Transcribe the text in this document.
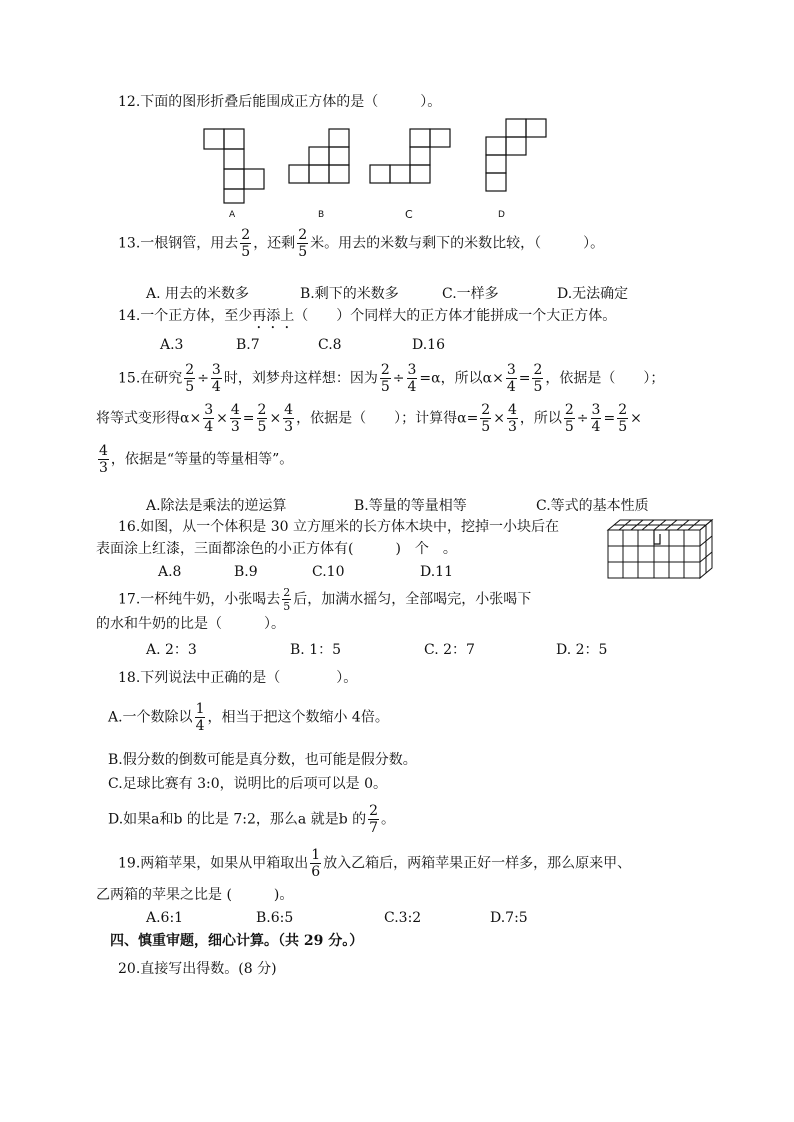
12.下面的图形折叠后能围成正方体的是（　　　）。
A	B	C	D
13.一根钢管，用去 $\frac{2}{5}$ ，还剩 $\frac{2}{5}$ 米。用去的米数与剩下的米数比较，（　　　）。
A. 用去的米数多	B.剩下的米数多	C.一样多	D.无法确定
14.一个正方体，至少再添上（　　）个同样大的正方体才能拼成一个大正方体。
A.3	B.7	C.8	D.16
15.在研究 $\frac{2}{5} \div \frac{3}{4}$ 时，刘梦舟这样想：因为 $\frac{2}{5} \div \frac{3}{4} =\alpha$，所以$\alpha\times \frac{3}{4} = \frac{2}{5}$ ，依据是（　　）；
将等式变形得$\alpha\times \frac{3}{4} \times \frac{4}{3} = \frac{2}{5} \times \frac{4}{3}$ ，依据是（　　）；计算得$\alpha= \frac{2}{5} \times \frac{4}{3}$ ，所以 $\frac{2}{5} \div \frac{3}{4} = \frac{2}{5}$ ×
$\frac{4}{3}$ ，依据是“等量的等量相等”。
A.除法是乘法的逆运算	B.等量的等量相等	C.等式的基本性质
16.如图，从一个体积是 30 立方厘米的长方体木块中，挖掉一小块后在
表面涂上红漆，三面都涂色的小正方体有(　　　)　个　。
A.8	B.9	C.10	D.11
17.一杯纯牛奶，小张喝去 $\frac{2}{5}$ 后，加满水摇匀，全部喝完，小张喝下
的水和牛奶的比是（　　　）。
A. 2：3	B. 1：5	C. 2：7	D. 2：5
18.下列说法中正确的是（　　　　）。
A.一个数除以 $\frac{1}{4}$ ，相当于把这个数缩小 4倍。
B.假分数的倒数可能是真分数，也可能是假分数。
C.足球比赛有 3:0，说明比的后项可以是 0。
D.如果a和b 的比是 7:2，那么a 就是b 的 $\frac{2}{7}$ 。
19.两箱苹果，如果从甲箱取出 $\frac{1}{6}$ 放入乙箱后，两箱苹果正好一样多，那么原来甲、
乙两箱的苹果之比是 (　　　)。
A.6:1	B.6:5	C.3:2	D.7:5
四、慎重审题，细心计算。（共 29 分。）
20.直接写出得数。(8 分)
